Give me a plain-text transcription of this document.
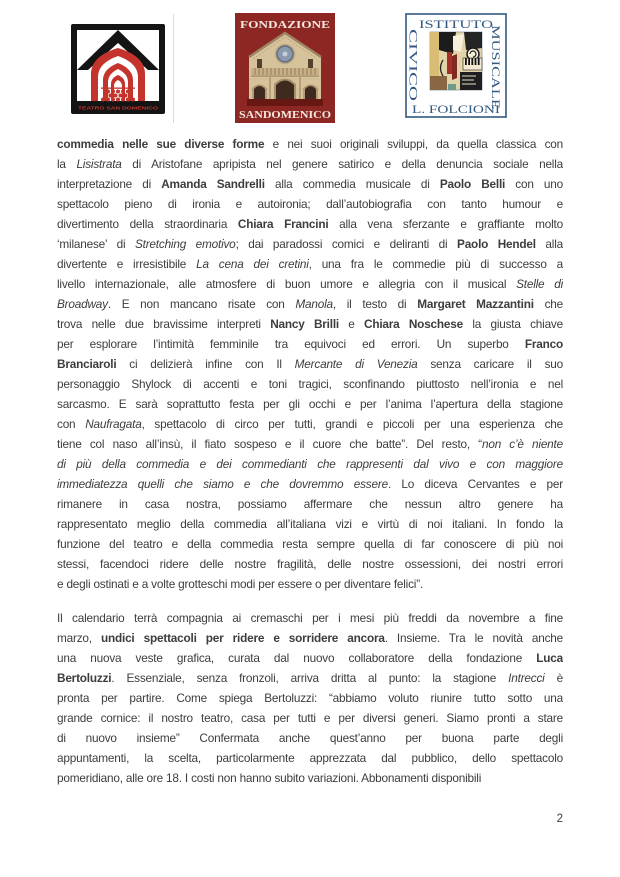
TEATRO SAN DOMENICO
FONDAZIONE
SANDOMENICO
ISTITUTO
CIVICO	MUSICALE
L. FOLCIONI
commedia nelle sue diverse forme e nei suoi originali sviluppi, da quella classica con
la Lisistrata di Aristofane apripista nel genere satirico e della denuncia sociale nella
interpretazione di Amanda Sandrelli alla commedia musicale di Paolo Belli con uno
spettacolo pieno di ironia e autoironia; dall’autobiografia con tanto humour e
divertimento della straordinaria Chiara Francini alla vena sferzante e graffiante molto
‘milanese’ di Stretching emotivo; dai paradossi comici e deliranti di Paolo Hendel alla
divertente e irresistibile La cena dei cretini, una fra le commedie più di successo a
livello internazionale, alle atmosfere di buon umore e allegria con il musical Stelle di
Broadway. E non mancano risate con Manola, il testo di Margaret Mazzantini che
trova nelle due bravissime interpreti Nancy Brilli e Chiara Noschese la giusta chiave
per esplorare l’intimità femminile tra equivoci ed errori. Un superbo Franco
Branciaroli ci delizierà infine con Il Mercante di Venezia senza caricare il suo
personaggio Shylock di accenti e toni tragici, sconfinando piuttosto nell’ironia e nel
sarcasmo. E sarà soprattutto festa per gli occhi e per l’anima l’apertura della stagione
con Naufragata, spettacolo di circo per tutti, grandi e piccoli per una esperienza che
tiene col naso all’insù, il fiato sospeso e il cuore che batte”. Del resto, “non c’è niente
di più della commedia e dei commedianti che rappresenti dal vivo e con maggiore
immediatezza quelli che siamo e che dovremmo essere. Lo diceva Cervantes e per
rimanere in casa nostra, possiamo affermare che nessun altro genere ha
rappresentato meglio della commedia all’italiana vizi e virtù di noi italiani. In fondo la
funzione del teatro e della commedia resta sempre quella di far conoscere di più noi
stessi, facendoci ridere delle nostre fragilità, delle nostre ossessioni, dei nostri errori
e degli ostinati e a volte grotteschi modi per essere o per diventare felici”.
Il calendario terrà compagnia ai cremaschi per i mesi più freddi da novembre a fine
marzo, undici spettacoli per ridere e sorridere ancora. Insieme. Tra le novità anche
una nuova veste grafica, curata dal nuovo collaboratore della fondazione Luca
Bertoluzzi. Essenziale, senza fronzoli, arriva dritta al punto: la stagione Intrecci è
pronta per partire. Come spiega Bertoluzzi: “abbiamo voluto riunire tutto sotto una
grande cornice: il nostro teatro, casa per tutti e per diversi generi. Siamo pronti a stare
di nuovo insieme” Confermata anche quest’anno per buona parte degli
appuntamenti, la scelta, particolarmente apprezzata dal pubblico, dello spettacolo
pomeridiano, alle ore 18. I costi non hanno subito variazioni. Abbonamenti disponibili
2
